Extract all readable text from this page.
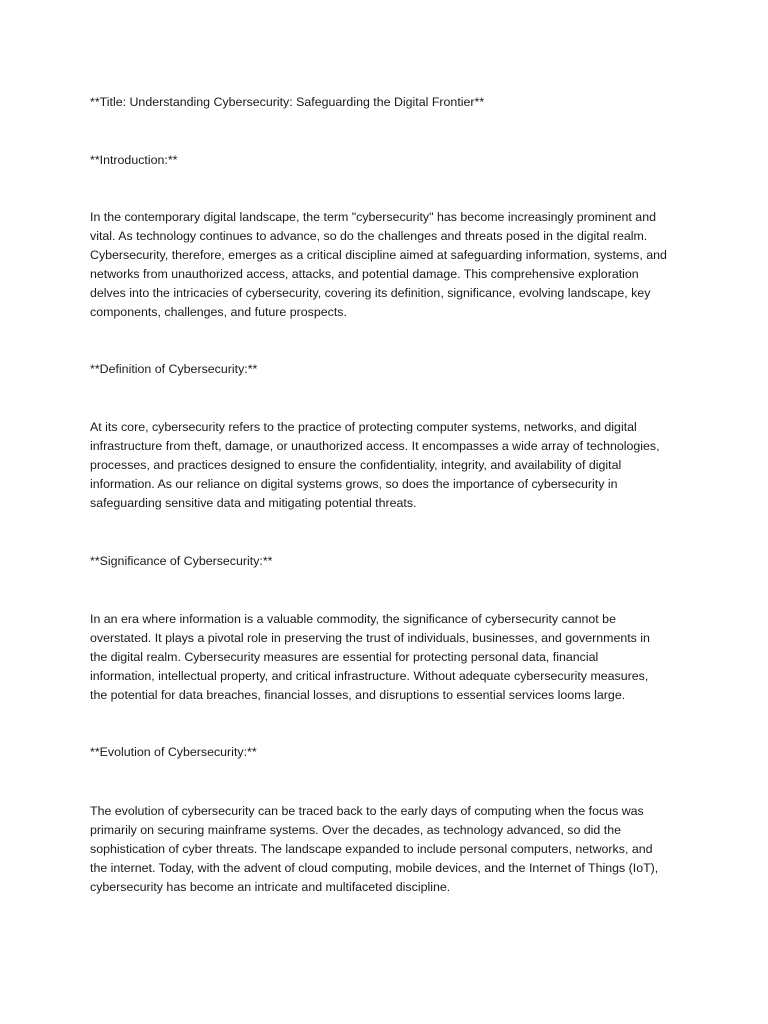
**Title: Understanding Cybersecurity: Safeguarding the Digital Frontier**
**Introduction:**
In the contemporary digital landscape, the term "cybersecurity" has become increasingly prominent and
vital. As technology continues to advance, so do the challenges and threats posed in the digital realm.
Cybersecurity, therefore, emerges as a critical discipline aimed at safeguarding information, systems, and
networks from unauthorized access, attacks, and potential damage. This comprehensive exploration
delves into the intricacies of cybersecurity, covering its definition, significance, evolving landscape, key
components, challenges, and future prospects.
**Definition of Cybersecurity:**
At its core, cybersecurity refers to the practice of protecting computer systems, networks, and digital
infrastructure from theft, damage, or unauthorized access. It encompasses a wide array of technologies,
processes, and practices designed to ensure the confidentiality, integrity, and availability of digital
information. As our reliance on digital systems grows, so does the importance of cybersecurity in
safeguarding sensitive data and mitigating potential threats.
**Significance of Cybersecurity:**
In an era where information is a valuable commodity, the significance of cybersecurity cannot be
overstated. It plays a pivotal role in preserving the trust of individuals, businesses, and governments in
the digital realm. Cybersecurity measures are essential for protecting personal data, financial
information, intellectual property, and critical infrastructure. Without adequate cybersecurity measures,
the potential for data breaches, financial losses, and disruptions to essential services looms large.
**Evolution of Cybersecurity:**
The evolution of cybersecurity can be traced back to the early days of computing when the focus was
primarily on securing mainframe systems. Over the decades, as technology advanced, so did the
sophistication of cyber threats. The landscape expanded to include personal computers, networks, and
the internet. Today, with the advent of cloud computing, mobile devices, and the Internet of Things (IoT),
cybersecurity has become an intricate and multifaceted discipline.
